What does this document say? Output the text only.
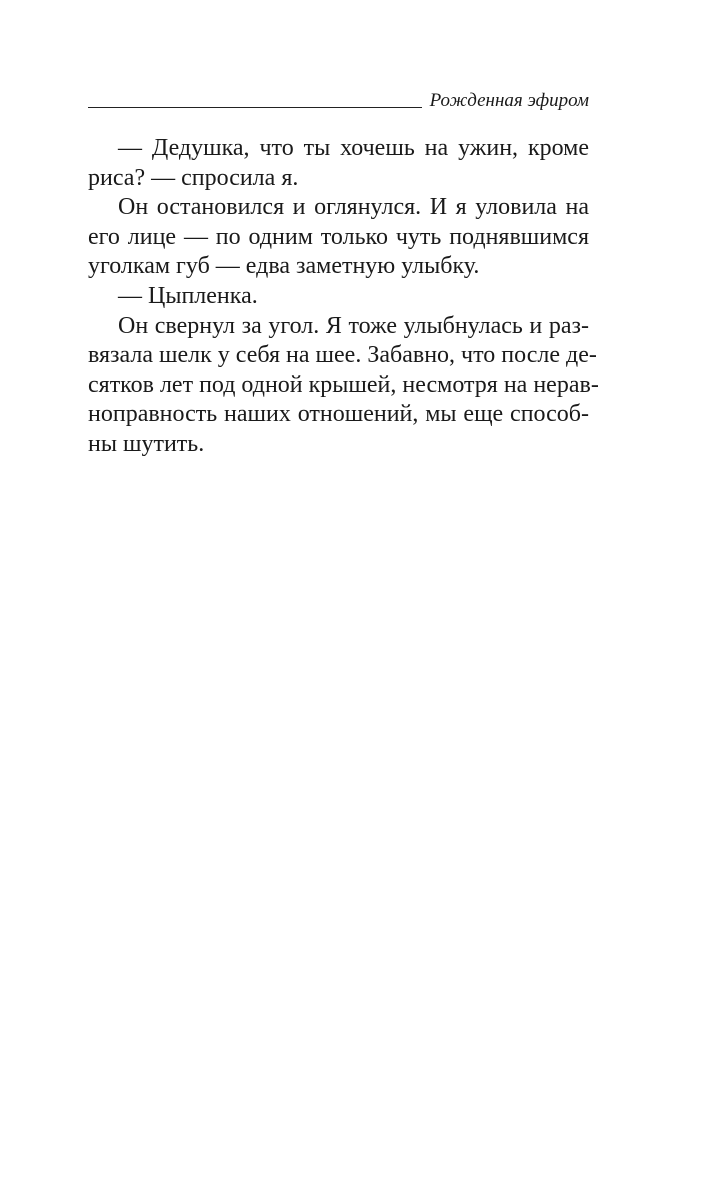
Рожденная эфиром
— Дедушка, что ты хочешь на ужин, кроме
риса? — спросила я.
Он остановился и оглянулся. И я уловила на
его лице — по одним только чуть поднявшимся
уголкам губ — едва заметную улыбку.
— Цыпленка.
Он свернул за угол. Я тоже улыбнулась и раз-
вязала шелк у себя на шее. Забавно, что после де-
сятков лет под одной крышей, несмотря на нерав-
ноправность наших отношений, мы еще способ-
ны шутить.
